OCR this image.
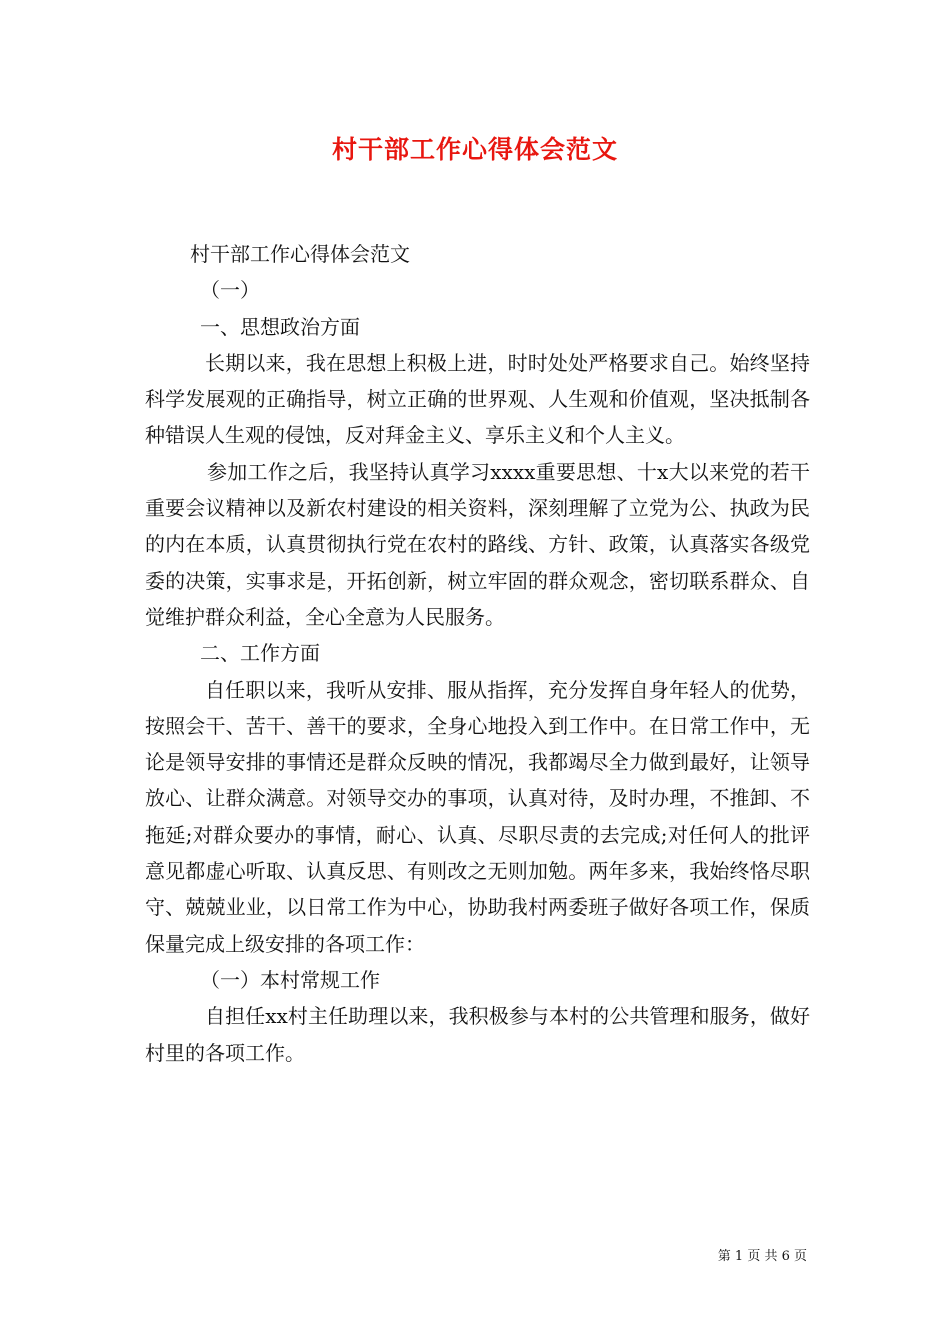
村干部工作心得体会范文

村干部工作心得体会范文

（一）

一、思想政治方面

长期以来，我在思想上积极上进，时时处处严格要求自己。始终坚持科学发展观的正确指导，树立正确的世界观、人生观和价值观，坚决抵制各种错误人生观的侵蚀，反对拜金主义、享乐主义和个人主义。

参加工作之后，我坚持认真学习xxxx重要思想、十x大以来党的若干重要会议精神以及新农村建设的相关资料，深刻理解了立党为公、执政为民的内在本质，认真贯彻执行党在农村的路线、方针、政策，认真落实各级党委的决策，实事求是，开拓创新，树立牢固的群众观念，密切联系群众、自觉维护群众利益，全心全意为人民服务。

二、工作方面

自任职以来，我听从安排、服从指挥，充分发挥自身年轻人的优势，按照会干、苦干、善干的要求，全身心地投入到工作中。在日常工作中，无论是领导安排的事情还是群众反映的情况，我都竭尽全力做到最好，让领导放心、让群众满意。对领导交办的事项，认真对待，及时办理，不推卸、不拖延;对群众要办的事情，耐心、认真、尽职尽责的去完成;对任何人的批评意见都虚心听取、认真反思、有则改之无则加勉。两年多来，我始终恪尽职守、兢兢业业，以日常工作为中心，协助我村两委班子做好各项工作，保质保量完成上级安排的各项工作：

（一）本村常规工作

自担任xx村主任助理以来，我积极参与本村的公共管理和服务，做好村里的各项工作。

第 1 页 共 6 页
